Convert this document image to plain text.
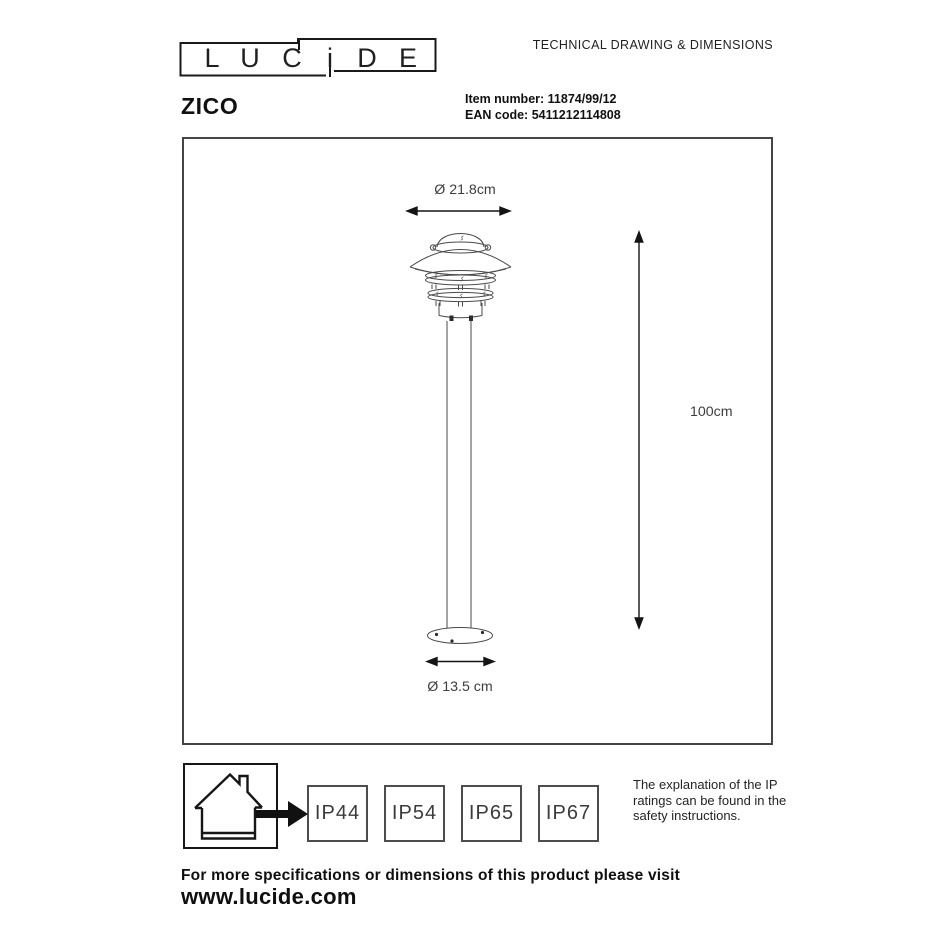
L U C i D E	TECHNICAL DRAWING & DIMENSIONS
ZICO	Item number: 11874/99/12
EAN code: 5411212114808
Ø 21.8cm
100cm
Ø 13.5 cm
IP44	IP54	IP65	IP67
The explanation of the IP ratings can be found in the safety instructions.
For more specifications or dimensions of this product please visit
www.lucide.com
